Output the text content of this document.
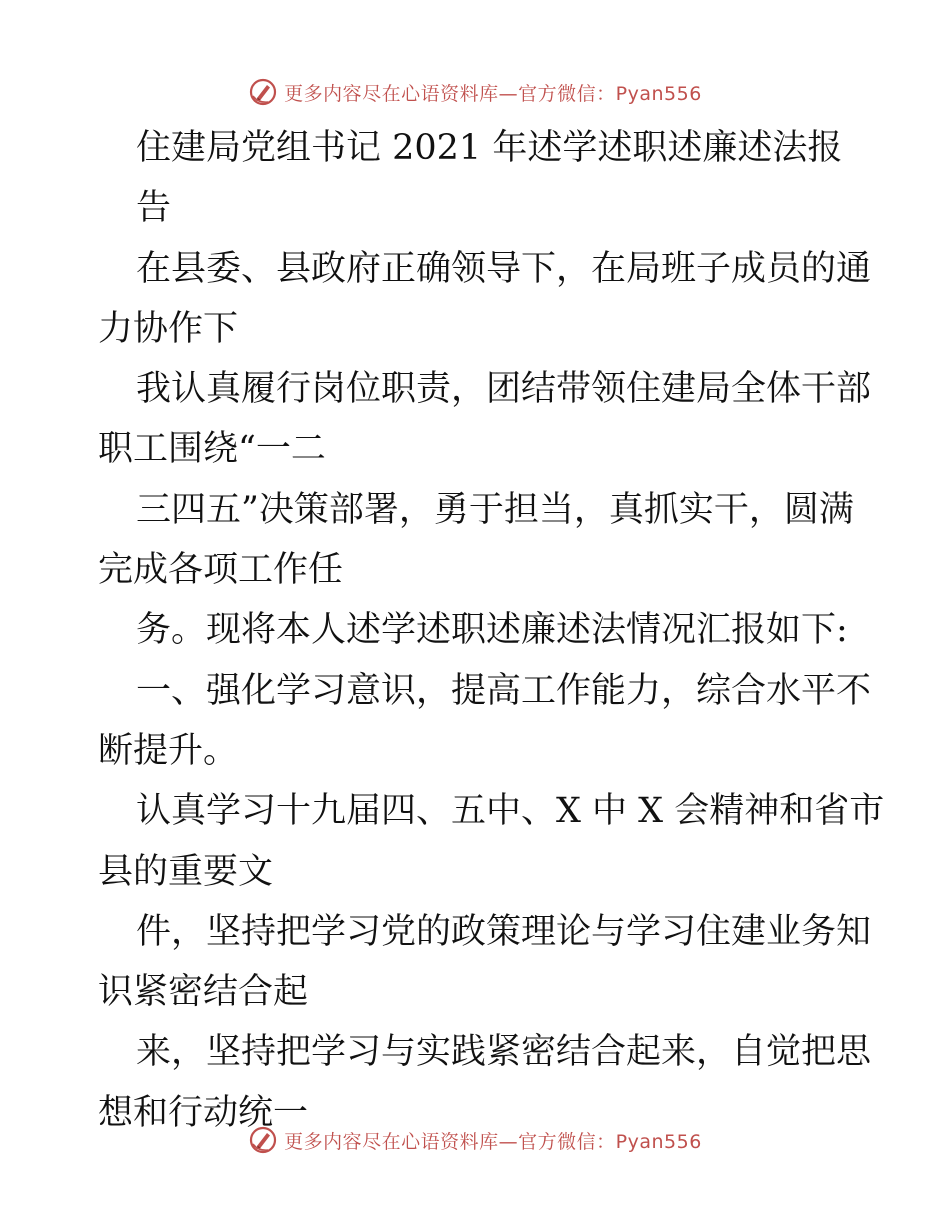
更多内容尽在心语资料库—官方微信：Pyan556
住建局党组书记 2021 年述学述职述廉述法报
告
在县委、县政府正确领导下，在局班子成员的通
力协作下
我认真履行岗位职责，团结带领住建局全体干部
职工围绕“一二
三四五”决策部署，勇于担当，真抓实干，圆满
完成各项工作任
务。现将本人述学述职述廉述法情况汇报如下:
一、强化学习意识，提高工作能力，综合水平不
断提升。
认真学习十九届四、五中、X 中 X 会精神和省市
县的重要文
件，坚持把学习党的政策理论与学习住建业务知
识紧密结合起
来，坚持把学习与实践紧密结合起来，自觉把思
想和行动统一
更多内容尽在心语资料库—官方微信：Pyan556
